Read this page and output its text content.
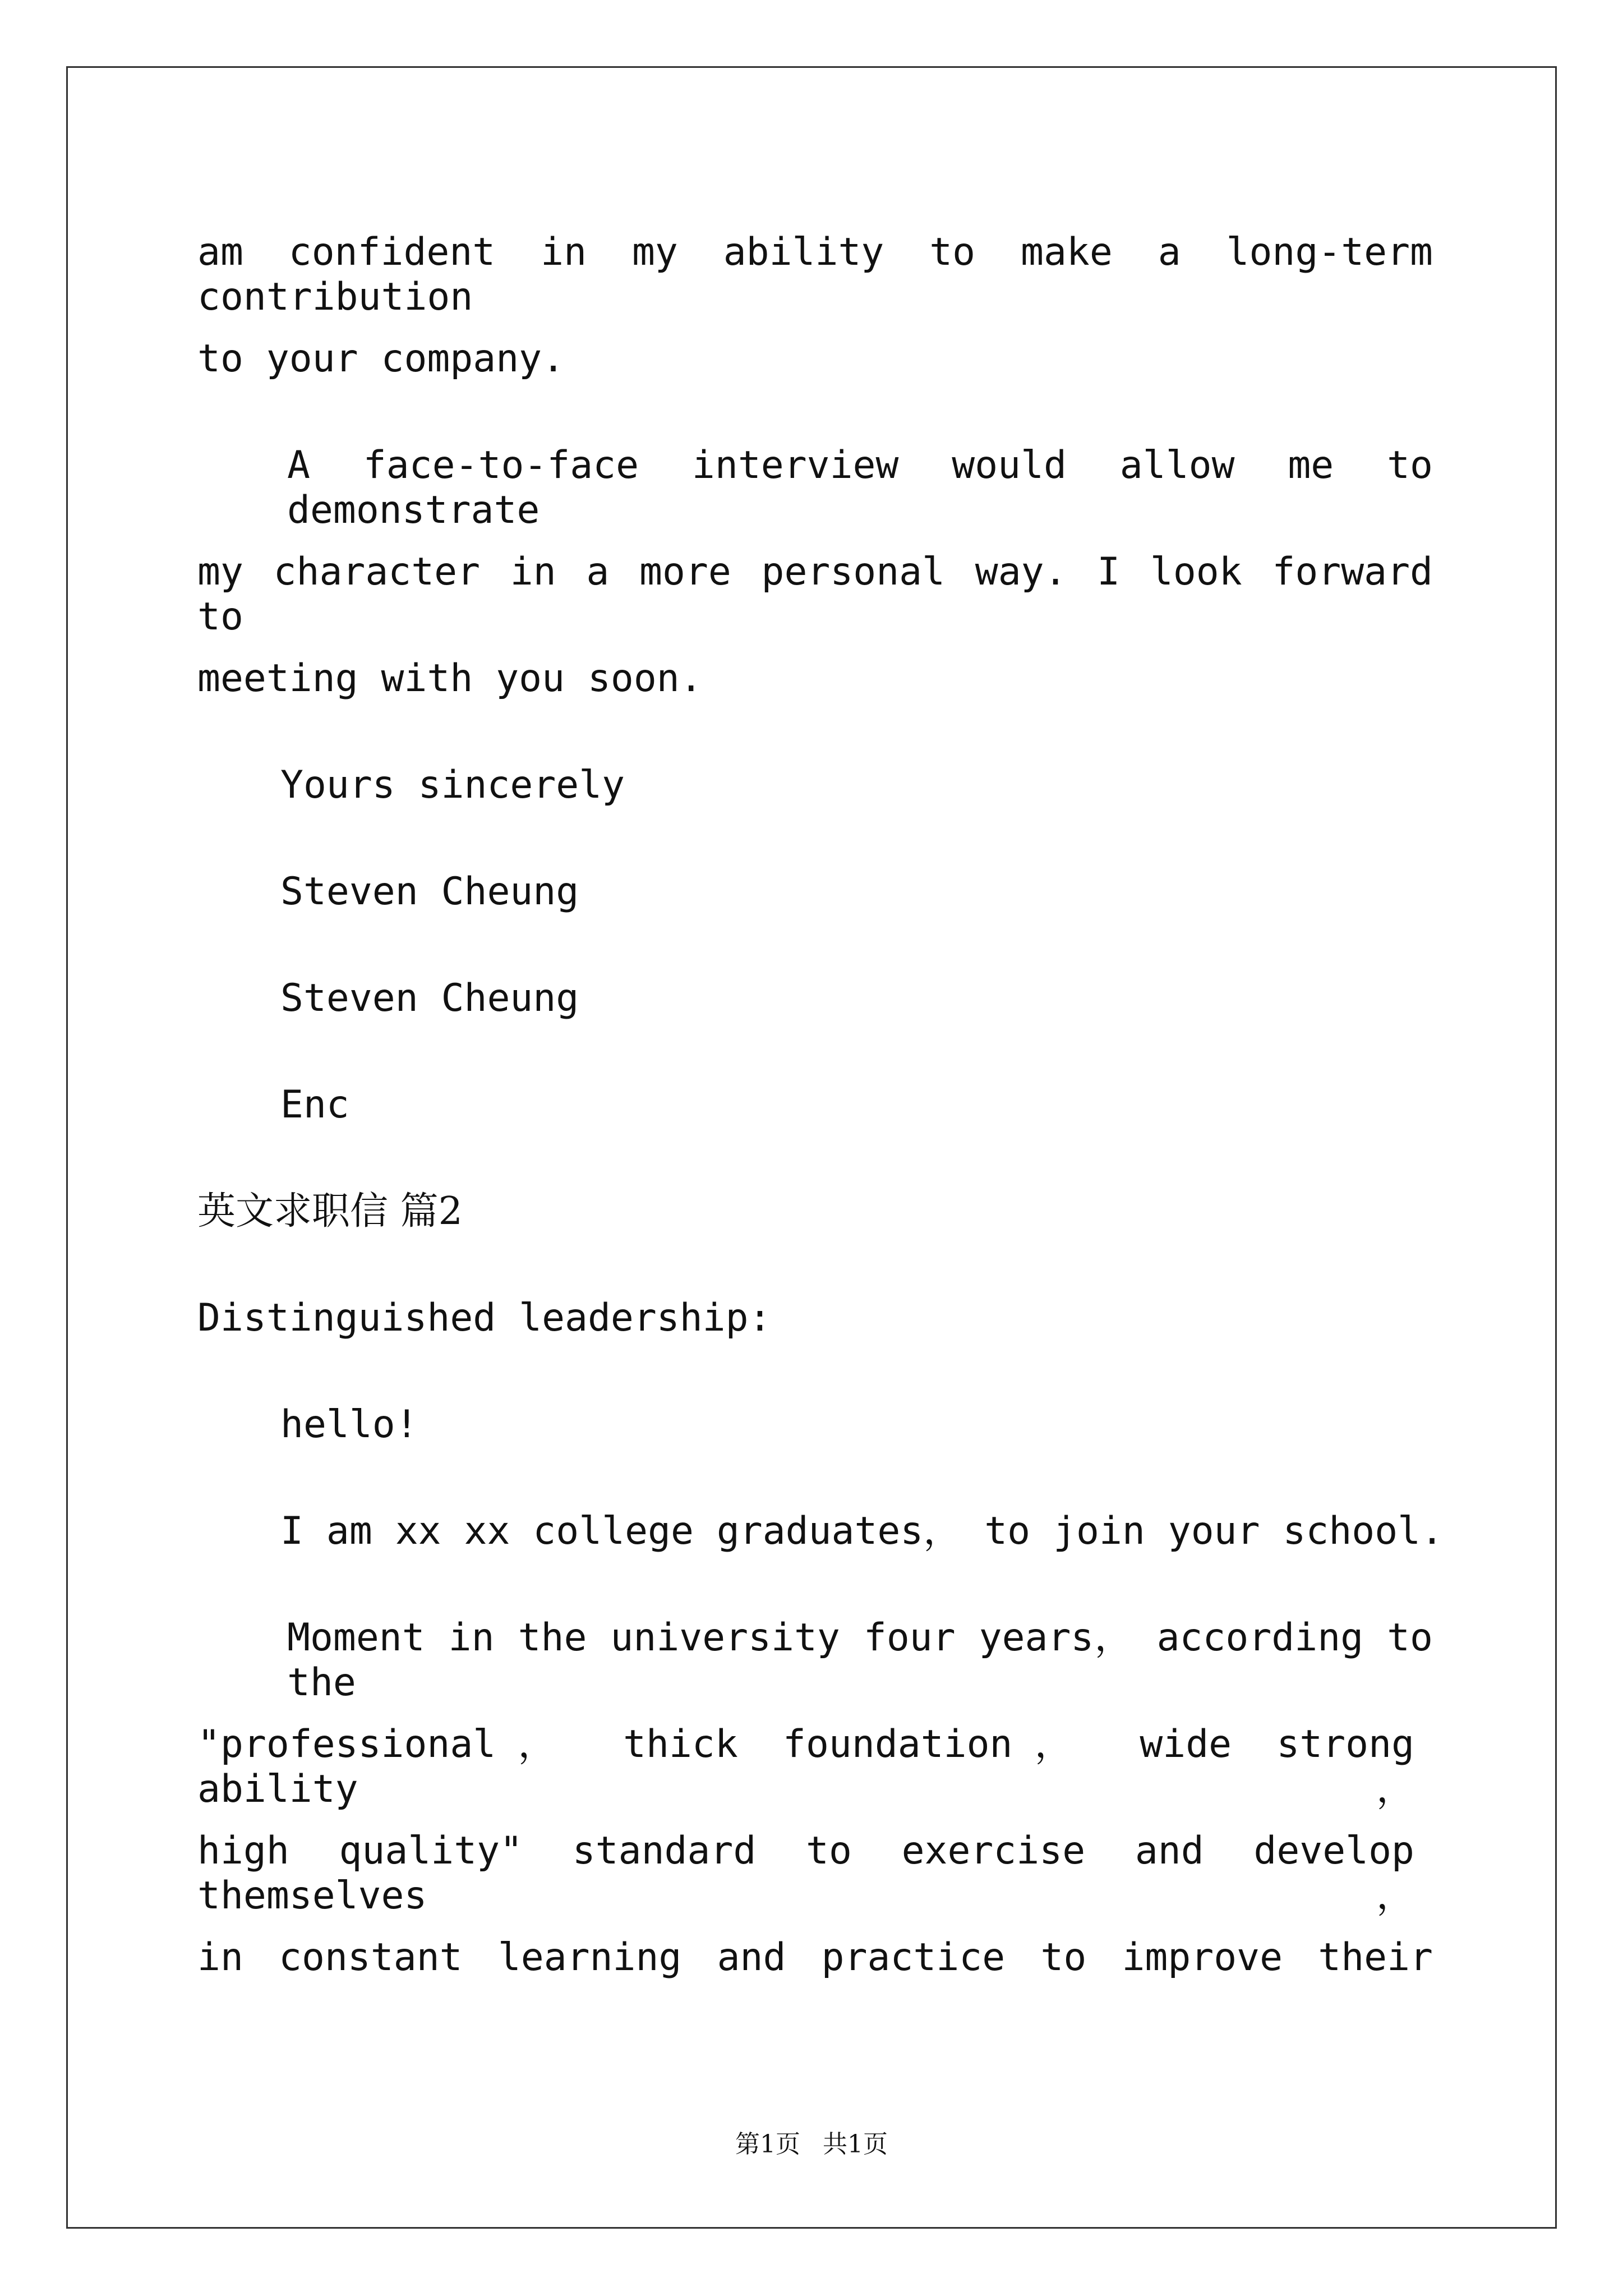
am confident in my ability to make a long-term contribution

to your company.

A face-to-face interview would allow me to demonstrate

my character in a more personal way. I look forward to

meeting with you soon.

Yours sincerely

Steven Cheung

Steven Cheung

Enc

英文求职信 篇2

Distinguished leadership:

hello!

I am xx xx college graduates， to join your school.

Moment in the university four years， according to the

"professional， thick foundation， wide strong ability，

high quality" standard to exercise and develop themselves，

in constant learning and practice to improve their

第1页 共1页
